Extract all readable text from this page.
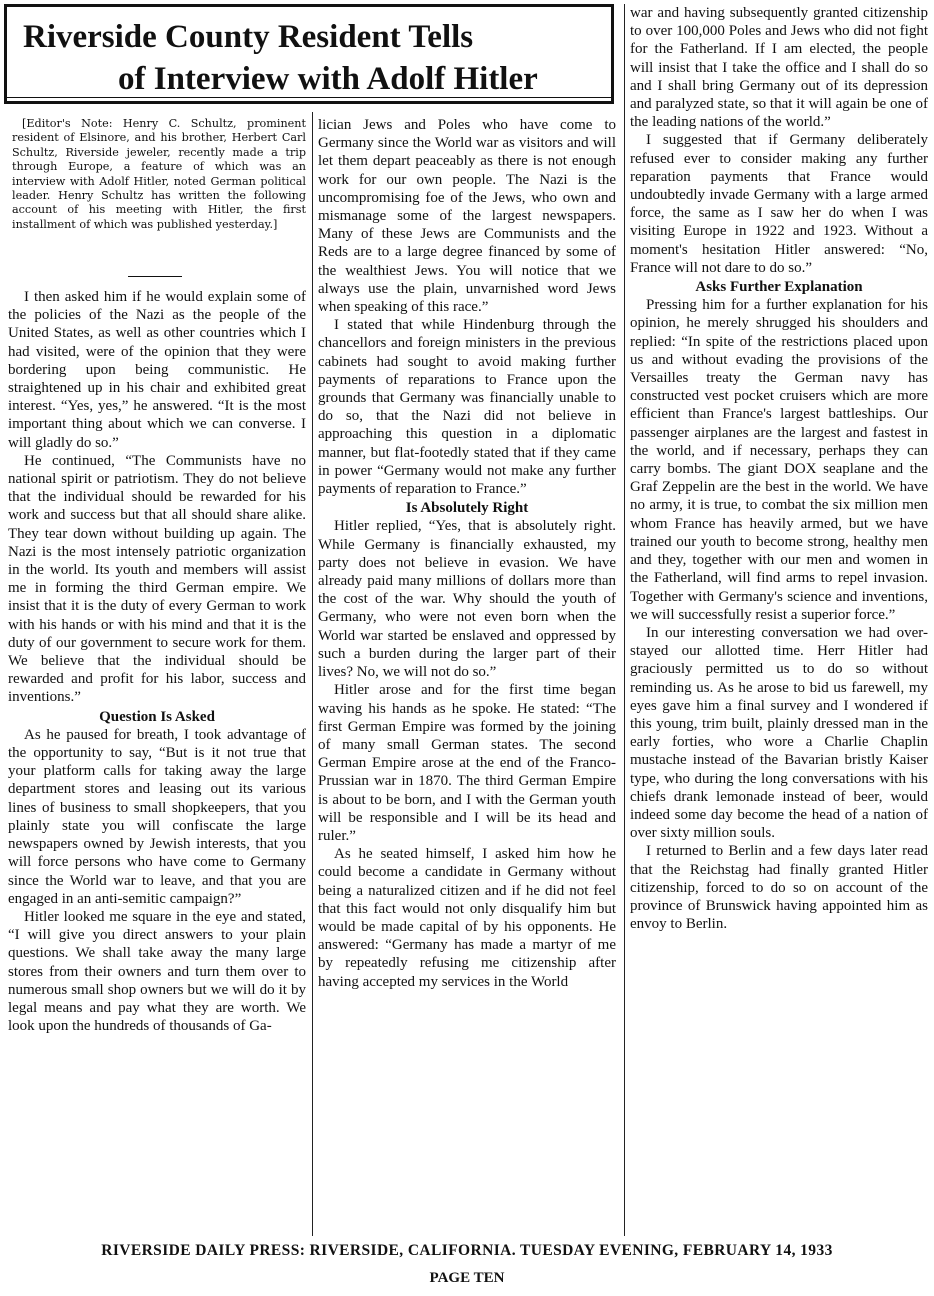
Riverside County Resident Tells
of Interview with Adolf Hitler

[Editor's Note: Henry C. Schultz, prominent resident of Elsinore, and his brother, Herbert Carl Schultz, Riverside jeweler, recently made a trip through Europe, a feature of which was an interview with Adolf Hitler, noted German political leader. Henry Schultz has written the following account of his meeting with Hitler, the first installment of which was published yesterday.]

I then asked him if he would explain some of the policies of the Nazi as the people of the United States, as well as other countries which I had visited, were of the opinion that they were bordering upon being communistic. He straightened up in his chair and exhibited great interest. “Yes, yes,” he answered. “It is the most important thing about which we can converse. I will gladly do so.”

He continued, “The Communists have no national spirit or patriotism. They do not believe that the individual should be rewarded for his work and success but that all should share alike. They tear down without building up again. The Nazi is the most intensely patriotic organization in the world. Its youth and members will assist me in forming the third German empire. We insist that it is the duty of every German to work with his hands or with his mind and that it is the duty of our government to secure work for them. We believe that the individual should be rewarded and profit for his labor, success and inventions.”

Question Is Asked

As he paused for breath, I took advantage of the opportunity to say, “But is it not true that your platform calls for taking away the large department stores and leasing out its various lines of business to small shopkeepers, that you plainly state you will confiscate the large newspapers owned by Jewish interests, that you will force persons who have come to Germany since the World war to leave, and that you are engaged in an anti-semitic campaign?”

Hitler looked me square in the eye and stated, “I will give you direct answers to your plain questions. We shall take away the many large stores from their owners and turn them over to numerous small shop owners but we will do it by legal means and pay what they are worth. We look upon the hundreds of thousands of Ga-

lician Jews and Poles who have come to Germany since the World war as visitors and will let them depart peaceably as there is not enough work for our own people. The Nazi is the uncompromising foe of the Jews, who own and mismanage some of the largest newspapers. Many of these Jews are Communists and the Reds are to a large degree financed by some of the wealthiest Jews. You will notice that we always use the plain, unvarnished word Jews when speaking of this race.”

I stated that while Hindenburg through the chancellors and foreign ministers in the previous cabinets had sought to avoid making further payments of reparations to France upon the grounds that Germany was financially unable to do so, that the Nazi did not believe in approaching this question in a diplomatic manner, but flat-footedly stated that if they came in power “Germany would not make any further payments of reparation to France.”

Is Absolutely Right

Hitler replied, “Yes, that is absolutely right. While Germany is financially exhausted, my party does not believe in evasion. We have already paid many millions of dollars more than the cost of the war. Why should the youth of Germany, who were not even born when the World war started be enslaved and oppressed by such a burden during the larger part of their lives? No, we will not do so.”

Hitler arose and for the first time began waving his hands as he spoke. He stated: “The first German Empire was formed by the joining of many small German states. The second German Empire arose at the end of the Franco-Prussian war in 1870. The third German Empire is about to be born, and I with the German youth will be responsible and I will be its head and ruler.”

As he seated himself, I asked him how he could become a candidate in Germany without being a naturalized citizen and if he did not feel that this fact would not only disqualify him but would be made capital of by his opponents. He answered: “Germany has made a martyr of me by repeatedly refusing me citizenship after having accepted my services in the World

war and having subsequently granted citizenship to over 100,000 Poles and Jews who did not fight for the Fatherland. If I am elected, the people will insist that I take the office and I shall do so and I shall bring Germany out of its depression and paralyzed state, so that it will again be one of the leading nations of the world.”

I suggested that if Germany deliberately refused ever to consider making any further reparation payments that France would undoubtedly invade Germany with a large armed force, the same as I saw her do when I was visiting Europe in 1922 and 1923. Without a moment's hesitation Hitler answered: “No, France will not dare to do so.”

Asks Further Explanation

Pressing him for a further explanation for his opinion, he merely shrugged his shoulders and replied: “In spite of the restrictions placed upon us and without evading the provisions of the Versailles treaty the German navy has constructed vest pocket cruisers which are more efficient than France's largest battleships. Our passenger airplanes are the largest and fastest in the world, and if necessary, perhaps they can carry bombs. The giant DOX seaplane and the Graf Zeppelin are the best in the world. We have no army, it is true, to combat the six million men whom France has heavily armed, but we have trained our youth to become strong, healthy men and they, together with our men and women in the Fatherland, will find arms to repel invasion. Together with Germany's science and inventions, we will successfully resist a superior force.”

In our interesting conversation we had over-stayed our allotted time. Herr Hitler had graciously permitted us to do so without reminding us. As he arose to bid us farewell, my eyes gave him a final survey and I wondered if this young, trim built, plainly dressed man in the early forties, who wore a Charlie Chaplin mustache instead of the Bavarian bristly Kaiser type, who during the long conversations with his chiefs drank lemonade instead of beer, would indeed some day become the head of a nation of over sixty million souls.

I returned to Berlin and a few days later read that the Reichstag had finally granted Hitler citizenship, forced to do so on account of the province of Brunswick having appointed him as envoy to Berlin.

RIVERSIDE DAILY PRESS: RIVERSIDE, CALIFORNIA. TUESDAY EVENING, FEBRUARY 14, 1933
PAGE TEN
